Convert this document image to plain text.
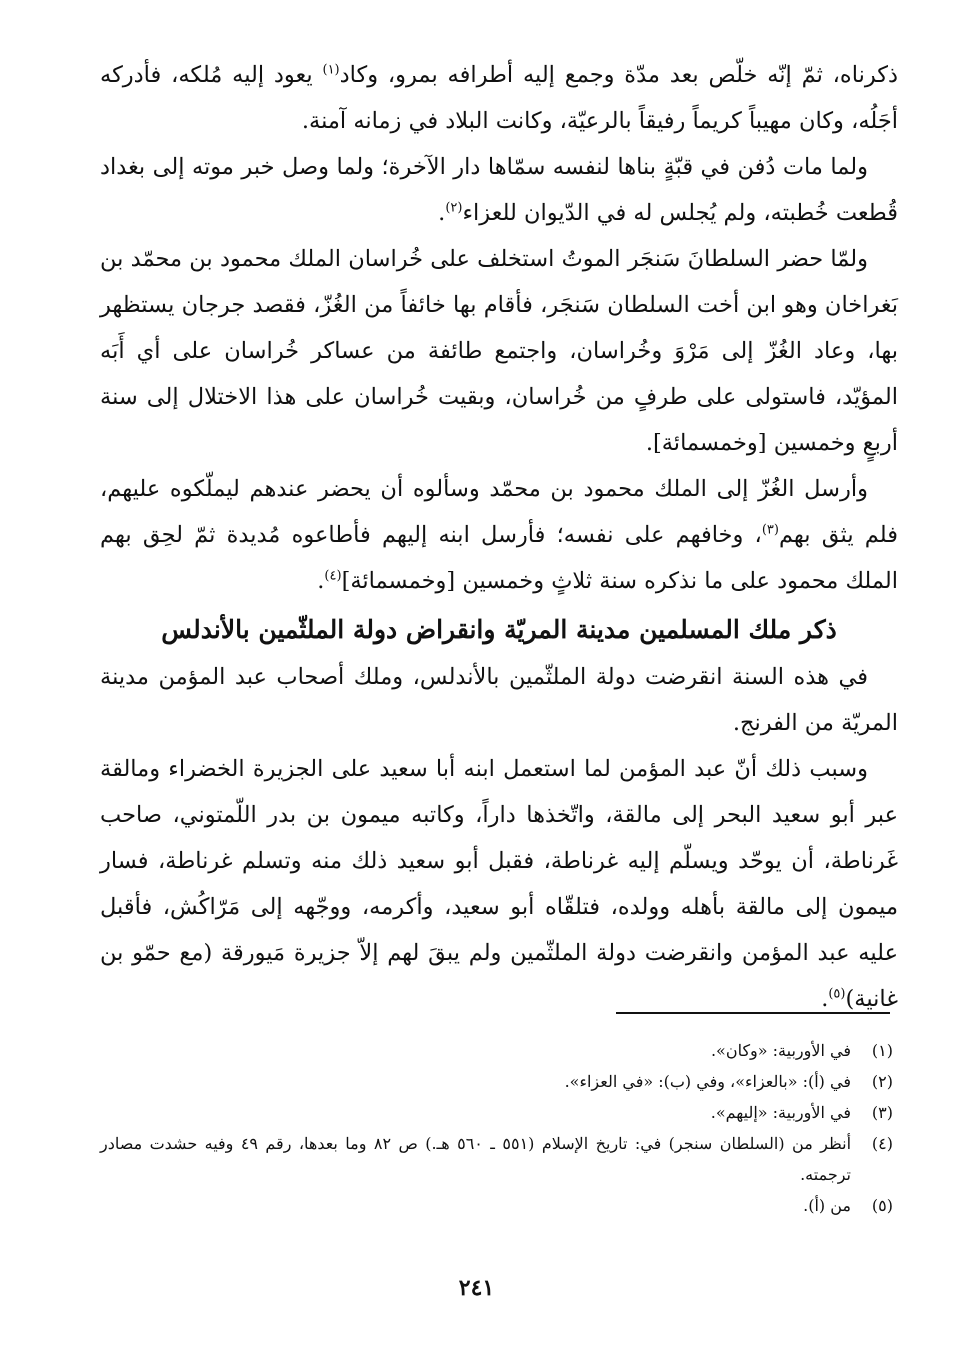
ذكرناه، ثمّ إنّه خلّص بعد مدّة وجمع إليه أطرافه بمرو، وكاد$^{(١)}$ يعود إليه مُلكه، فأدركه أجَلُه، وكان مهيباً كريماً رفيقاً بالرعيّة، وكانت البلاد في زمانه آمنة.

ولما مات دُفن في قبّةٍ بناها لنفسه سمّاها دار الآخرة؛ ولما وصل خبر موته إلى بغداد قُطعت خُطبته، ولم يُجلس له في الدّيوان للعزاء$^{(٢)}$.

ولمّا حضر السلطانَ سَنجَر الموتُ استخلف على خُراسان الملك محمود بن محمّد بن بَغراخان وهو ابن أخت السلطان سَنجَر، فأقام بها خائفاً من الغُزّ، فقصد جرجان يستظهر بها، وعاد الغُزّ إلى مَرْوَ وخُراسان، واجتمع طائفة من عساكر خُراسان على أي أَبَه المؤيّد، فاستولى على طرفٍ من خُراسان، وبقيت خُراسان على هذا الاختلال إلى سنة أربعٍ وخمسين [وخمسمائة].

وأرسل الغُزّ إلى الملك محمود بن محمّد وسألوه أن يحضر عندهم ليملّكوه عليهم، فلم يثق بهم$^{(٣)}$، وخافهم على نفسه؛ فأرسل ابنه إليهم فأطاعوه مُديدة ثمّ لحِق بهم الملك محمود على ما نذكره سنة ثلاثٍ وخمسين [وخمسمائة]$^{(٤)}$.

ذكر ملك المسلمين مدينة المريّة وانقراض دولة الملثّمين بالأندلس

في هذه السنة انقرضت دولة الملثّمين بالأندلس، وملك أصحاب عبد المؤمن مدينة المريّة من الفرنج.

وسبب ذلك أنّ عبد المؤمن لما استعمل ابنه أبا سعيد على الجزيرة الخضراء ومالقة عبر أبو سعيد البحر إلى مالقة، واتّخذها داراً، وكاتبه ميمون بن بدر اللّمتوني، صاحب غَرناطة، أن يوحّد ويسلّم إليه غرناطة، فقبل أبو سعيد ذلك منه وتسلم غرناطة، فسار ميمون إلى مالقة بأهله وولده، فتلقّاه أبو سعيد، وأكرمه، ووجّهه إلى مَرّاكُش، فأقبل عليه عبد المؤمن وانقرضت دولة الملثّمين ولم يبقَ لهم إلاّ جزيرة مَيورقة (مع حمّو بن غانية)$^{(٥)}$.

(١)
في الأوربية: «وكان».
(٢)
في (أ): «بالعزاء»، وفي (ب): «في العزاء».
(٣)
في الأوربية: «إليهم».
(٤)
أنظر من (السلطان سنجر) في: تاريخ الإسلام (٥٥١ ـ ٥٦٠ هـ.) ص ٨٢ وما بعدها، رقم ٤٩ وفيه حشدت مصادر ترجمته.
(٥)
من (أ).
٢٤١
